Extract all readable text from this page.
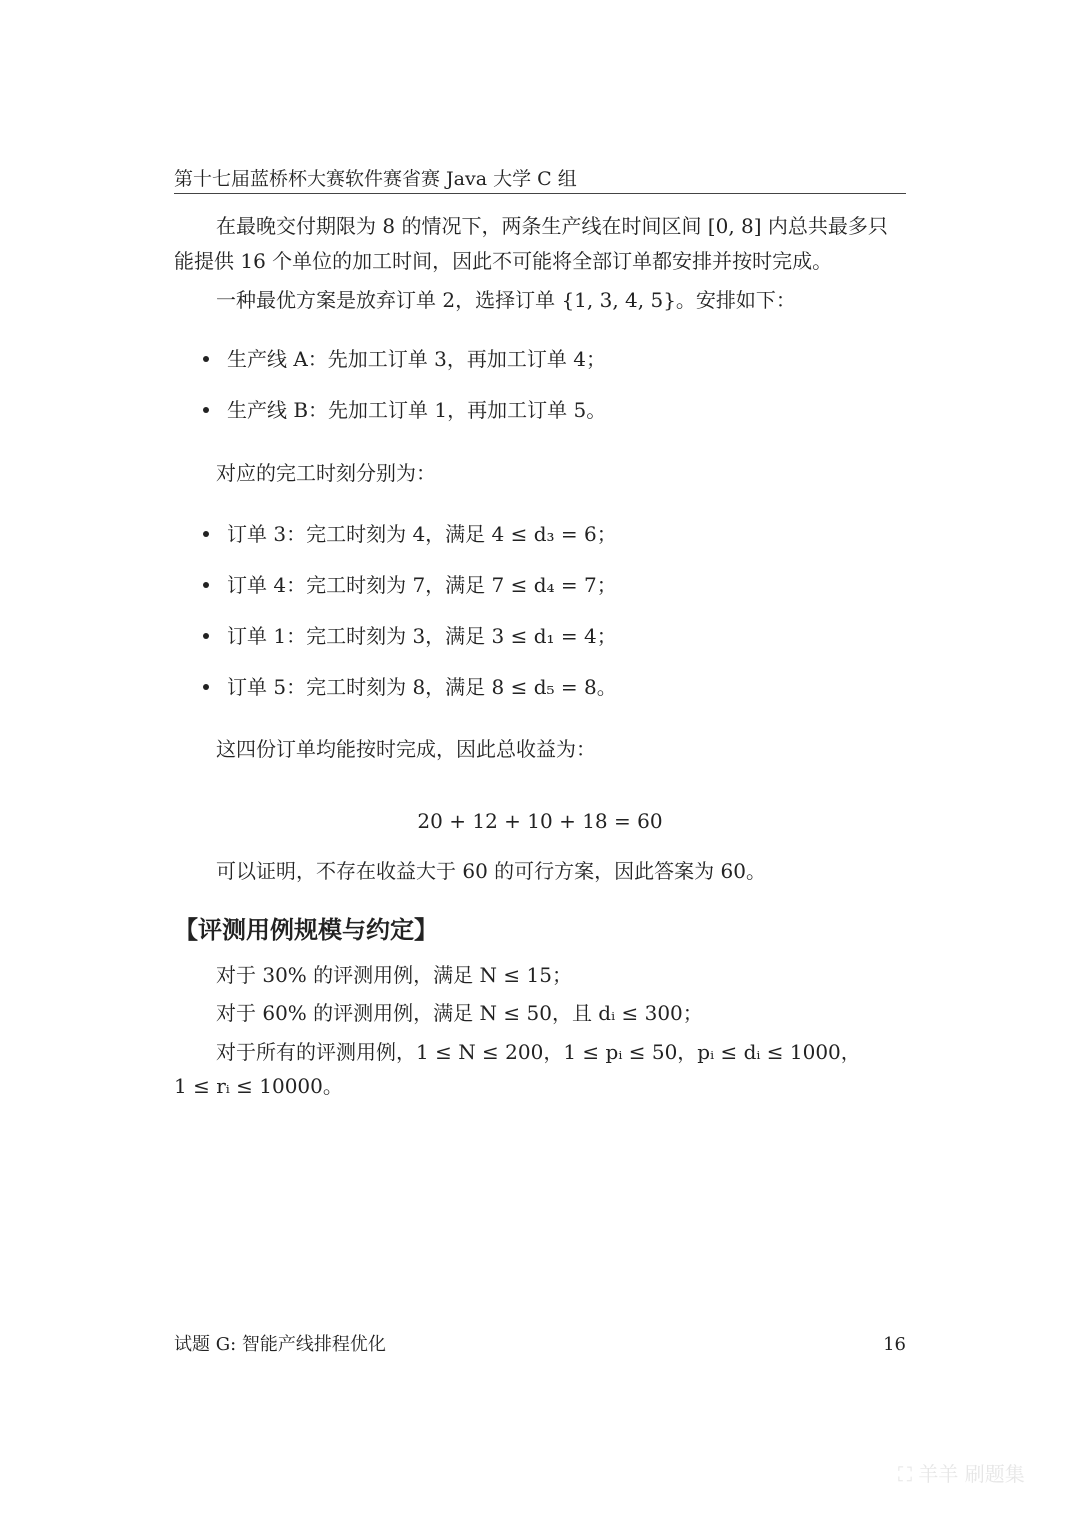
第十七届蓝桥杯大赛软件赛省赛 Java 大学 C 组
在最晚交付期限为 8 的情况下，两条生产线在时间区间 [0, 8] 内总共最多只
能提供 16 个单位的加工时间，因此不可能将全部订单都安排并按时完成。
一种最优方案是放弃订单 2，选择订单 {1, 3, 4, 5}。安排如下：
生产线 A：先加工订单 3，再加工订单 4；
生产线 B：先加工订单 1，再加工订单 5。
对应的完工时刻分别为：
订单 3：完工时刻为 4，满足 4 ≤ d₃ = 6；
订单 4：完工时刻为 7，满足 7 ≤ d₄ = 7；
订单 1：完工时刻为 3，满足 3 ≤ d₁ = 4；
订单 5：完工时刻为 8，满足 8 ≤ d₅ = 8。
这四份订单均能按时完成，因此总收益为：
20 + 12 + 10 + 18 = 60
可以证明，不存在收益大于 60 的可行方案，因此答案为 60。
【评测用例规模与约定】
对于 30% 的评测用例，满足 N ≤ 15；
对于 60% 的评测用例，满足 N ≤ 50，且 dᵢ ≤ 300；
对于所有的评测用例，1 ≤ N ≤ 200，1 ≤ pᵢ ≤ 50，pᵢ ≤ dᵢ ≤ 1000，
1 ≤ rᵢ ≤ 10000。
试题 G: 智能产线排程优化	16
⛶ 羊羊 刷题集
